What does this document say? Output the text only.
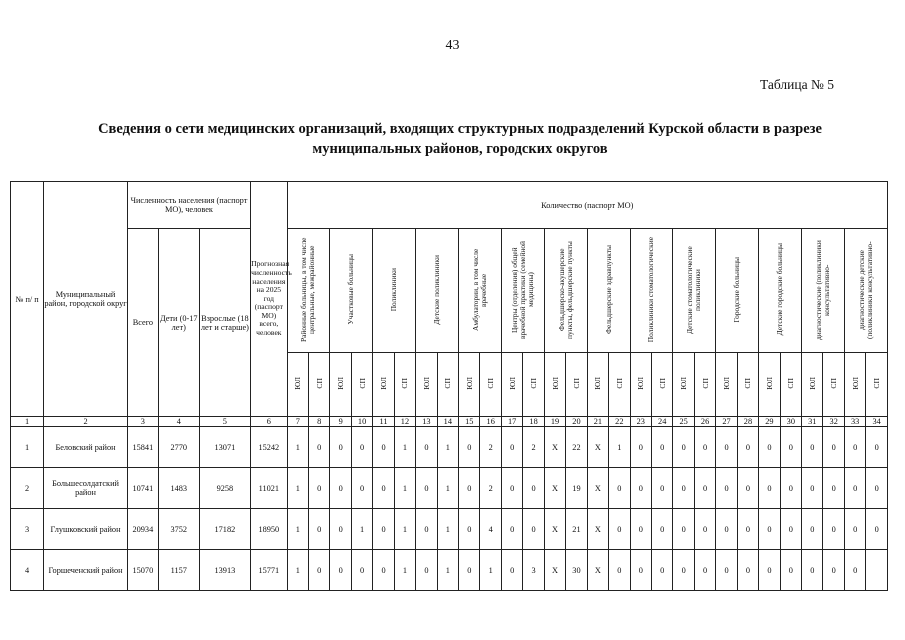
43
Таблица № 5
Сведения о сети медицинских организаций, входящих структурных подразделений Курской области в разрезе
муниципальных районов, городских округов
№ п/ п	Муниципальный район, городской округ	Численность населения (паспорт МО), человек			Прогнозная численность населения на 2025 год (паспорт МО) всего, человек	Количество (паспорт МО)																											
		Всего	Дети (0-17 лет)	Взрослые (18 лет и старше)		Районные больницы, в том числе центральные, межрайонные		Участковые больницы		Поликлиники		Детские поликлиники		Амбулатории, в том числе врачебные		Центры (отделения) общей врачебной практики (семейной медицины)		Фельдшерско-акушерские пункты, фельдшерские пункты		Фельдшерские здравпункты		Поликлиники стоматологические		Детские стоматологические поликлиники		Городские больницы		Детские городские больницы		диагностические (поликлиники консультативно-		диагностические детские (поликлиники консультативно-	
						ЮЛ	СП	ЮЛ	СП	ЮЛ	СП	ЮЛ	СП	ЮЛ	СП	ЮЛ	СП	ЮЛ	СП	ЮЛ	СП	ЮЛ	СП	ЮЛ	СП	ЮЛ	СП	ЮЛ	СП	ЮЛ	СП	ЮЛ	СП
1	2	3	4	5	6	7	8	9	10	11	12	13	14	15	16	17	18	19	20	21	22	23	24	25	26	27	28	29	30	31	32	33	34
1	Беловский район	15841	2770	13071	15242	1	0	0	0	0	1	0	1	0	2	0	2	X	22	X	1	0	0	0	0	0	0	0	0	0	0	0	0
2	Большесолдатский район	10741	1483	9258	11021	1	0	0	0	0	1	0	1	0	2	0	0	X	19	X	0	0	0	0	0	0	0	0	0	0	0	0	0
3	Глушковский район	20934	3752	17182	18950	1	0	0	1	0	1	0	1	0	4	0	0	X	21	X	0	0	0	0	0	0	0	0	0	0	0	0	0
4	Горшеченский район	15070	1157	13913	15771	1	0	0	0	0	1	0	1	0	1	0	3	X	30	X	0	0	0	0	0	0	0	0	0	0	0	0	
